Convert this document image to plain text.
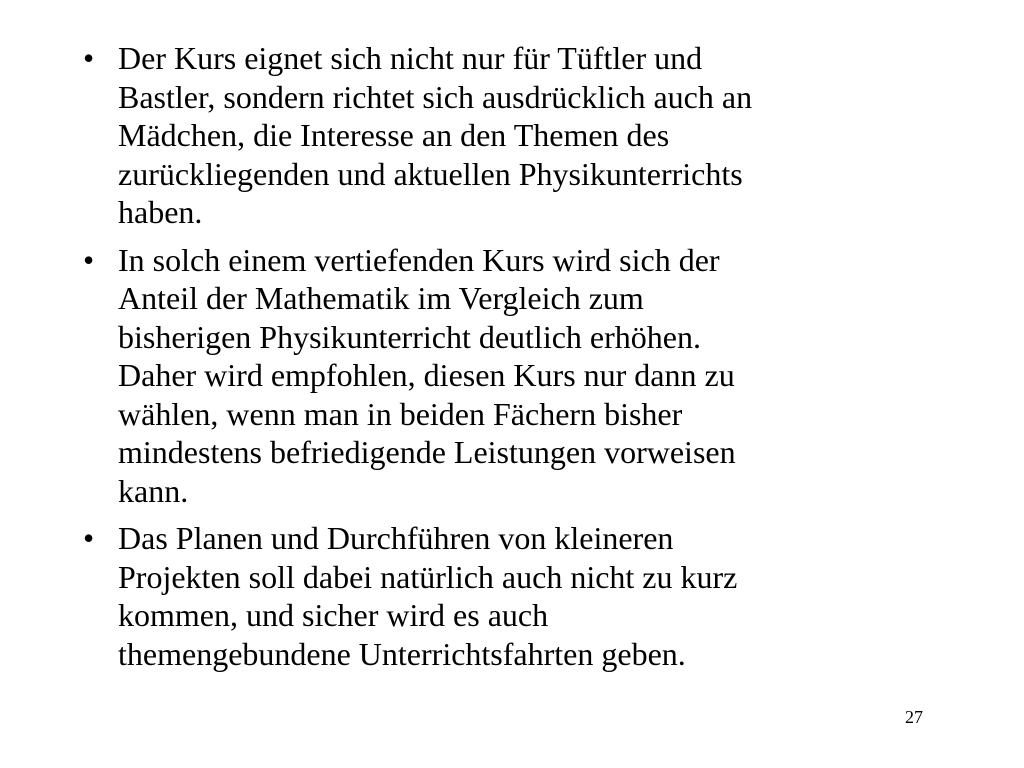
• Der Kurs eignet sich nicht nur für Tüftler und
Bastler, sondern richtet sich ausdrücklich auch an
Mädchen, die Interesse an den Themen des
zurückliegenden und aktuellen Physikunterrichts
haben.
• In solch einem vertiefenden Kurs wird sich der
Anteil der Mathematik im Vergleich zum
bisherigen Physikunterricht deutlich erhöhen.
Daher wird empfohlen, diesen Kurs nur dann zu
wählen, wenn man in beiden Fächern bisher
mindestens befriedigende Leistungen vorweisen
kann.
• Das Planen und Durchführen von kleineren
Projekten soll dabei natürlich auch nicht zu kurz
kommen, und sicher wird es auch
themengebundene Unterrichtsfahrten geben.
27
